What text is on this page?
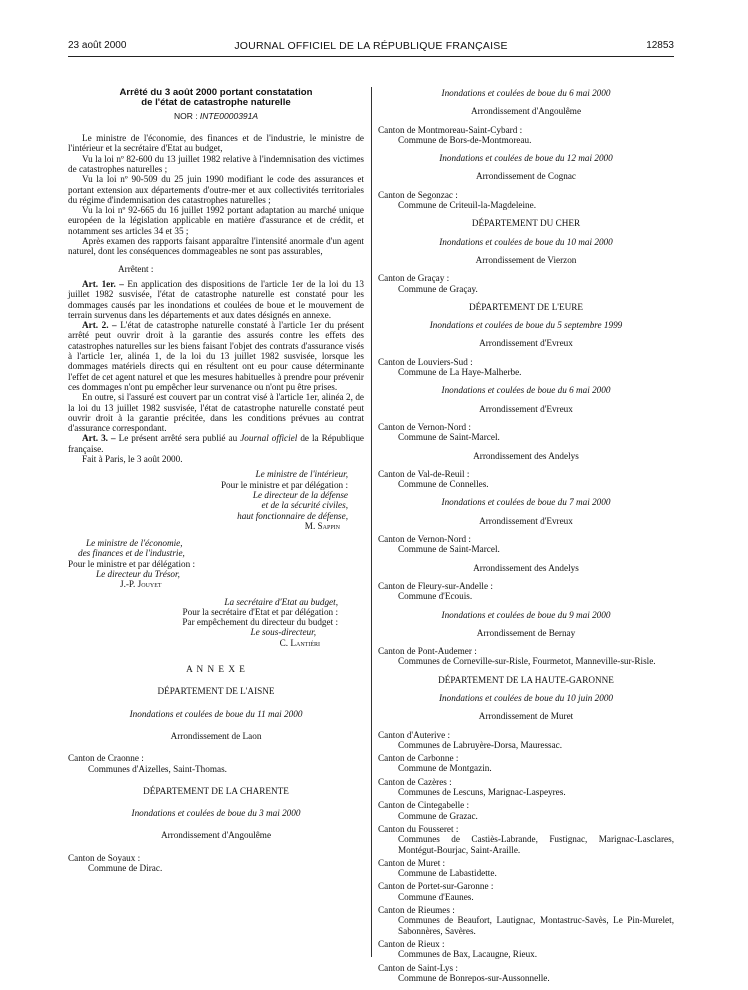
23 août 2000	JOURNAL OFFICIEL DE LA RÉPUBLIQUE FRANÇAISE	12853

Arrêté du 3 août 2000 portant constatation

de l'état de catastrophe naturelle

NOR : INTE0000391A

Le ministre de l'économie, des finances et de l'industrie, le ministre de l'intérieur et la secrétaire d'Etat au budget,

Vu la loi nº 82-600 du 13 juillet 1982 relative à l'indemnisation des victimes de catastrophes naturelles ;

Vu la loi nº 90-509 du 25 juin 1990 modifiant le code des assurances et portant extension aux départements d'outre-mer et aux collectivités territoriales du régime d'indemnisation des catastrophes naturelles ;

Vu la loi nº 92-665 du 16 juillet 1992 portant adaptation au marché unique européen de la législation applicable en matière d'assurance et de crédit, et notamment ses articles 34 et 35 ;

Après examen des rapports faisant apparaître l'intensité anormale d'un agent naturel, dont les conséquences dommageables ne sont pas assurables,

Arrêtent :

Art. 1er. – En application des dispositions de l'article 1er de la loi du 13 juillet 1982 susvisée, l'état de catastrophe naturelle est constaté pour les dommages causés par les inondations et coulées de boue et le mouvement de terrain survenus dans les départements et aux dates désignés en annexe.

Art. 2. – L'état de catastrophe naturelle constaté à l'article 1er du présent arrêté peut ouvrir droit à la garantie des assurés contre les effets des catastrophes naturelles sur les biens faisant l'objet des contrats d'assurance visés à l'article 1er, alinéa 1, de la loi du 13 juillet 1982 susvisée, lorsque les dommages matériels directs qui en résultent ont eu pour cause déterminante l'effet de cet agent naturel et que les mesures habituelles à prendre pour prévenir ces dommages n'ont pu empêcher leur survenance ou n'ont pu être prises.

En outre, si l'assuré est couvert par un contrat visé à l'article 1er, alinéa 2, de la loi du 13 juillet 1982 susvisée, l'état de catastrophe naturelle constaté peut ouvrir droit à la garantie précitée, dans les conditions prévues au contrat d'assurance correspondant.

Art. 3. – Le présent arrêté sera publié au Journal officiel de la République française.

Fait à Paris, le 3 août 2000.

Le ministre de l'intérieur,

Pour le ministre et par délégation :

Le directeur de la défense

et de la sécurité civiles,

haut fonctionnaire de défense,

M. Sappin

Le ministre de l'économie,

des finances et de l'industrie,

Pour le ministre et par délégation :

Le directeur du Trésor,

J.-P. Jouyet

La secrétaire d'Etat au budget,

Pour la secrétaire d'Etat et par délégation :

Par empêchement du directeur du budget :

Le sous-directeur,

C. Lantiéri

A N N E X E

DÉPARTEMENT DE L'AISNE

Inondations et coulées de boue du 11 mai 2000

Arrondissement de Laon

Canton de Craonne :

Communes d'Aizelles, Saint-Thomas.

DÉPARTEMENT DE LA CHARENTE

Inondations et coulées de boue du 3 mai 2000

Arrondissement d'Angoulême

Canton de Soyaux :

Commune de Dirac.

Inondations et coulées de boue du 6 mai 2000

Arrondissement d'Angoulême

Canton de Montmoreau-Saint-Cybard :

Commune de Bors-de-Montmoreau.

Inondations et coulées de boue du 12 mai 2000

Arrondissement de Cognac

Canton de Segonzac :

Commune de Criteuil-la-Magdeleine.

DÉPARTEMENT DU CHER

Inondations et coulées de boue du 10 mai 2000

Arrondissement de Vierzon

Canton de Graçay :

Commune de Graçay.

DÉPARTEMENT DE L'EURE

Inondations et coulées de boue du 5 septembre 1999

Arrondissement d'Evreux

Canton de Louviers-Sud :

Commune de La Haye-Malherbe.

Inondations et coulées de boue du 6 mai 2000

Arrondissement d'Evreux

Canton de Vernon-Nord :

Commune de Saint-Marcel.

Arrondissement des Andelys

Canton de Val-de-Reuil :

Commune de Connelles.

Inondations et coulées de boue du 7 mai 2000

Arrondissement d'Evreux

Canton de Vernon-Nord :

Commune de Saint-Marcel.

Arrondissement des Andelys

Canton de Fleury-sur-Andelle :

Commune d'Ecouis.

Inondations et coulées de boue du 9 mai 2000

Arrondissement de Bernay

Canton de Pont-Audemer :

Communes de Corneville-sur-Risle, Fourmetot, Manneville-sur-Risle.

DÉPARTEMENT DE LA HAUTE-GARONNE

Inondations et coulées de boue du 10 juin 2000

Arrondissement de Muret

Canton d'Auterive :

Communes de Labruyère-Dorsa, Mauressac.

Canton de Carbonne :

Commune de Montgazin.

Canton de Cazères :

Communes de Lescuns, Marignac-Laspeyres.

Canton de Cintegabelle :

Commune de Grazac.

Canton du Fousseret :

Communes de Castiès-Labrande, Fustignac, Marignac-Lasclares, Montégut-Bourjac, Saint-Araille.

Canton de Muret :

Commune de Labastidette.

Canton de Portet-sur-Garonne :

Commune d'Eaunes.

Canton de Rieumes :

Communes de Beaufort, Lautignac, Montastruc-Savès, Le Pin-Murelet, Sabonnères, Savères.

Canton de Rieux :

Communes de Bax, Lacaugne, Rieux.

Canton de Saint-Lys :

Commune de Bonrepos-sur-Aussonnelle.
